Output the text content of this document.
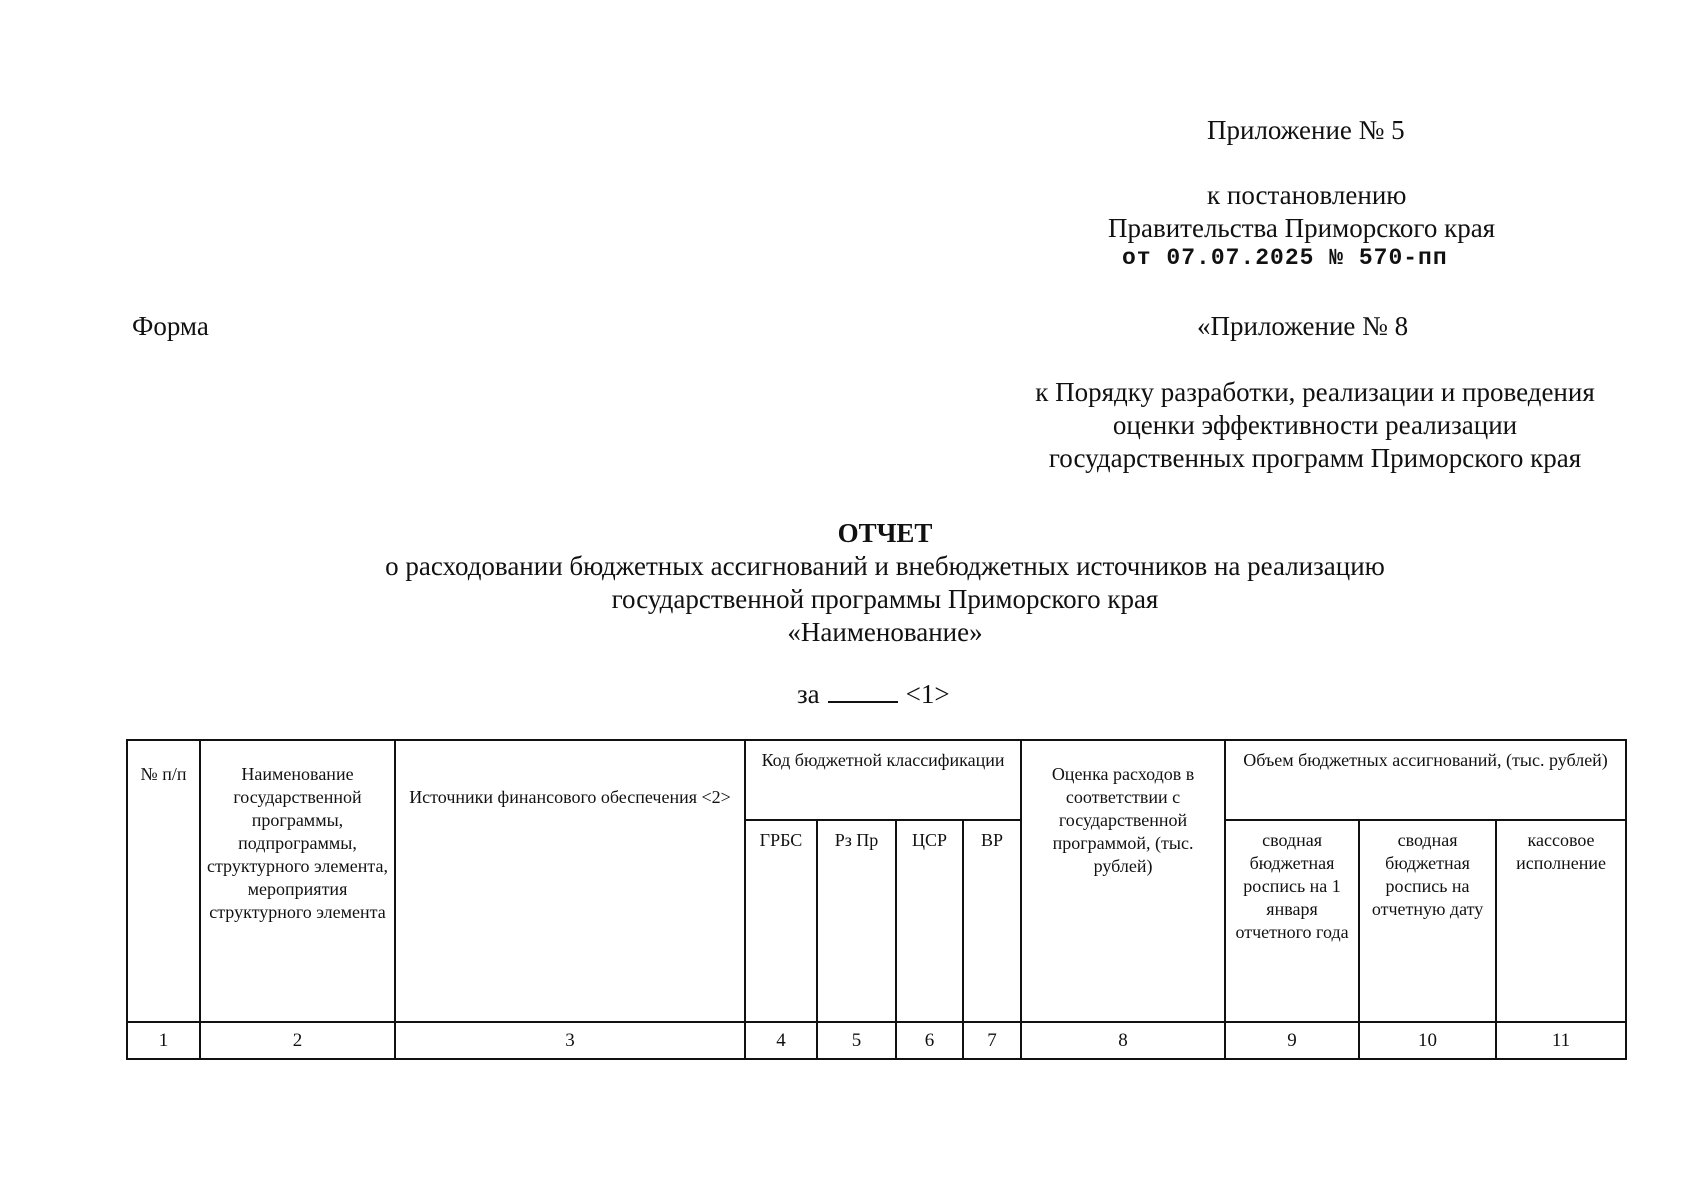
Приложение № 5
к постановлению
Правительства Приморского края
от 07.07.2025 № 570-пп
Форма	«Приложение № 8
к Порядку разработки, реализации и проведения
оценки эффективности реализации
государственных программ Приморского края
ОТЧЕТ
о расходовании бюджетных ассигнований и внебюджетных источников на реализацию
государственной программы Приморского края
«Наименование»
за	<1>
№ п/п	Наименование государственной программы, подпрограммы, структурного элемента, мероприятия структурного элемента	Источники финансового обеспечения <2>	Код бюджетной классификации				Оценка расходов в соответствии с государственной программой, (тыс. рублей)	Объем бюджетных ассигнований, (тыс. рублей)		
			ГРБС	Рз Пр	ЦСР	ВР		сводная бюджетная роспись на 1 января отчетного года	сводная бюджетная роспись на отчетную дату	кассовое исполнение
1	2	3	4	5	6	7	8	9	10	11
